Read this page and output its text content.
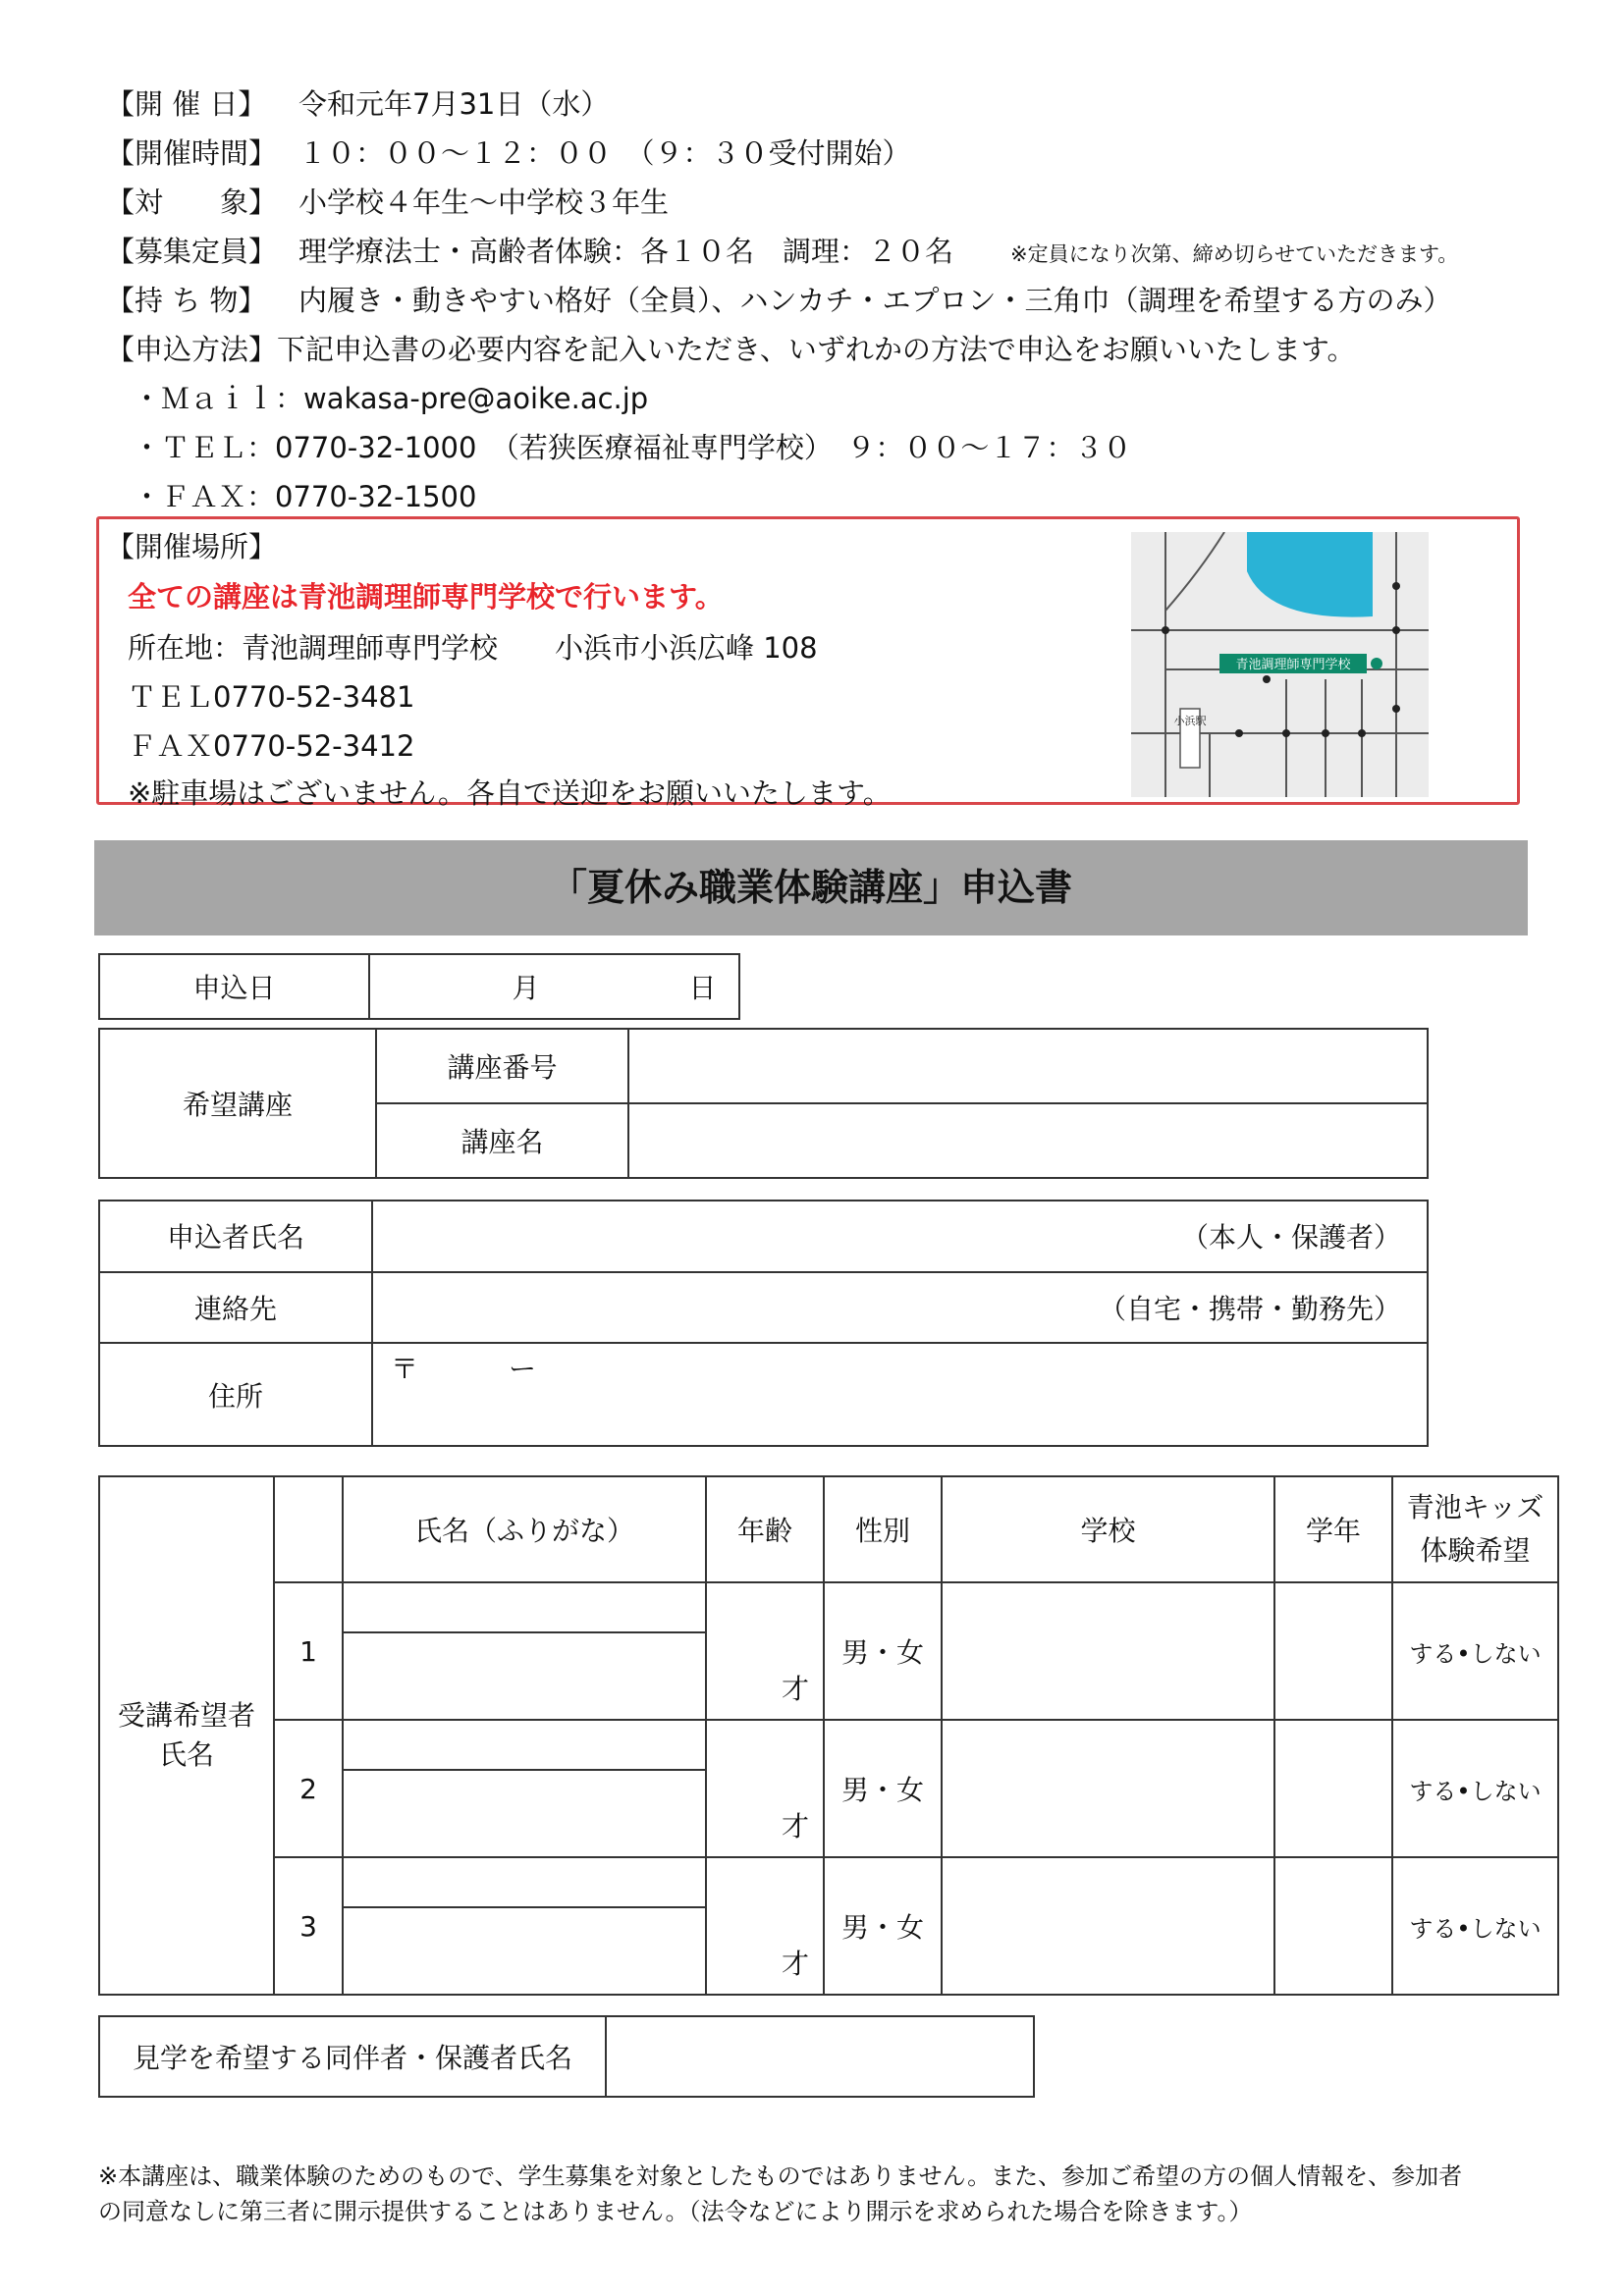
【開 催 日】 令和元年7月31日（水）
【開催時間】 １０：００～１２：００　（９：３０受付開始）
【対　　象】 小学校４年生～中学校３年生
【募集定員】 理学療法士・高齢者体験：各１０名　調理：２０名	※定員になり次第、締め切らせていただきます。
【持 ち 物】 内履き・動きやすい格好（全員）、ハンカチ・エプロン・三角巾（調理を希望する方のみ）
【申込方法】下記申込書の必要内容を記入いただき、いずれかの方法で申込をお願いいたします。
・Ｍａｉｌ：wakasa-pre@aoike.ac.jp
・ＴＥＬ：0770-32-1000　（若狭医療福祉専門学校）　９：００～１７：３０
・ＦＡＸ：0770-32-1500
【開催場所】
全ての講座は青池調理師専門学校で行います。
所在地：青池調理師専門学校　　小浜市小浜広峰 108
ＴＥＬ0770-52-3481
ＦＡＸ0770-52-3412
※駐車場はございません。各自で送迎をお願いいたします。
小浜駅
青池調理師専門学校
「夏休み職業体験講座」申込書
申込日	月	日
希望講座	講座番号	
	講座名	
申込者氏名	（本人・保護者）
連絡先	（自宅・携帯・勤務先）
住所	〒 ー
受講希望者氏名		氏名（ふりがな）	年齢	性別	学校	学年	青池キッズ体験希望
	1		才	男・女			する•しない
	2		才	男・女			する•しない
	3		才	男・女			する•しない
見学を希望する同伴者・保護者氏名	
※本講座は、職業体験のためのもので、学生募集を対象としたものではありません。また、参加ご希望の方の個人情報を、参加者
の同意なしに第三者に開示提供することはありません。（法令などにより開示を求められた場合を除きます。）
